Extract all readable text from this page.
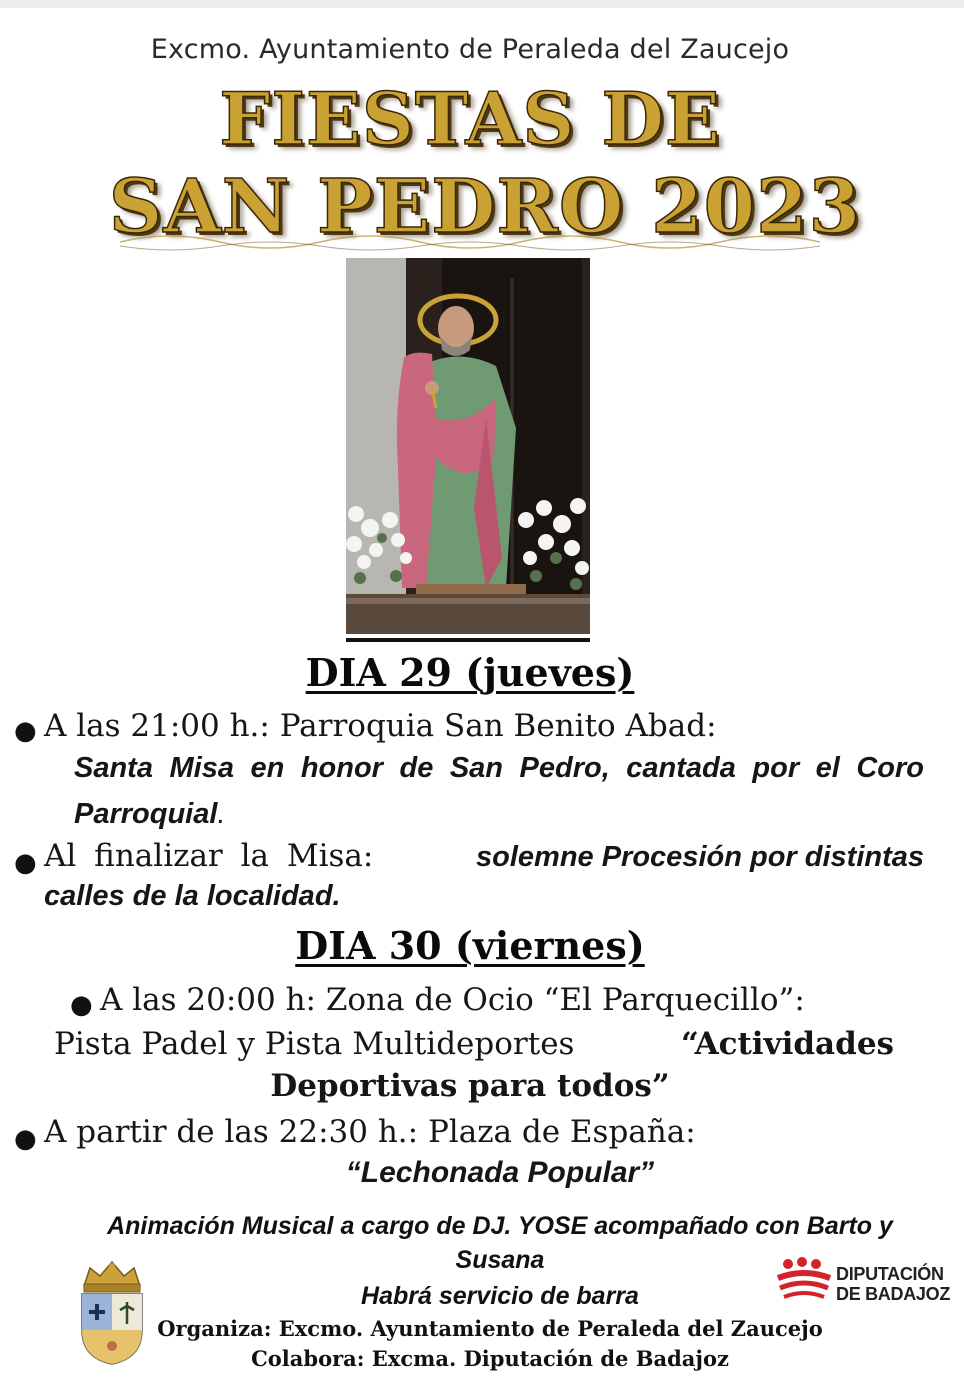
Excmo. Ayuntamiento de Peraleda del Zaucejo
FIESTAS DE
SAN PEDRO 2023
DIA 29 (jueves)
● A las 21:00 h.: Parroquia San Benito Abad:
Santa Misa en honor de San Pedro, cantada por el Coro
Parroquial.
● Al finalizar la Misa:	solemne Procesión por distintas
calles de la localidad.
DIA 30 (viernes)
● A las 20:00 h: Zona de Ocio “El Parquecillo”:
Pista Padel y Pista Multideportes	“Actividades
Deportivas para todos”
● A partir de las 22:30 h.: Plaza de España:
“Lechonada Popular”
Animación Musical a cargo de DJ. YOSE acompañado con Barto y
Susana
Habrá servicio de barra
Organiza: Excmo. Ayuntamiento de Peraleda del Zaucejo
Colabora: Excma. Diputación de Badajoz
DIPUTACIÓN
DE BADAJOZ
